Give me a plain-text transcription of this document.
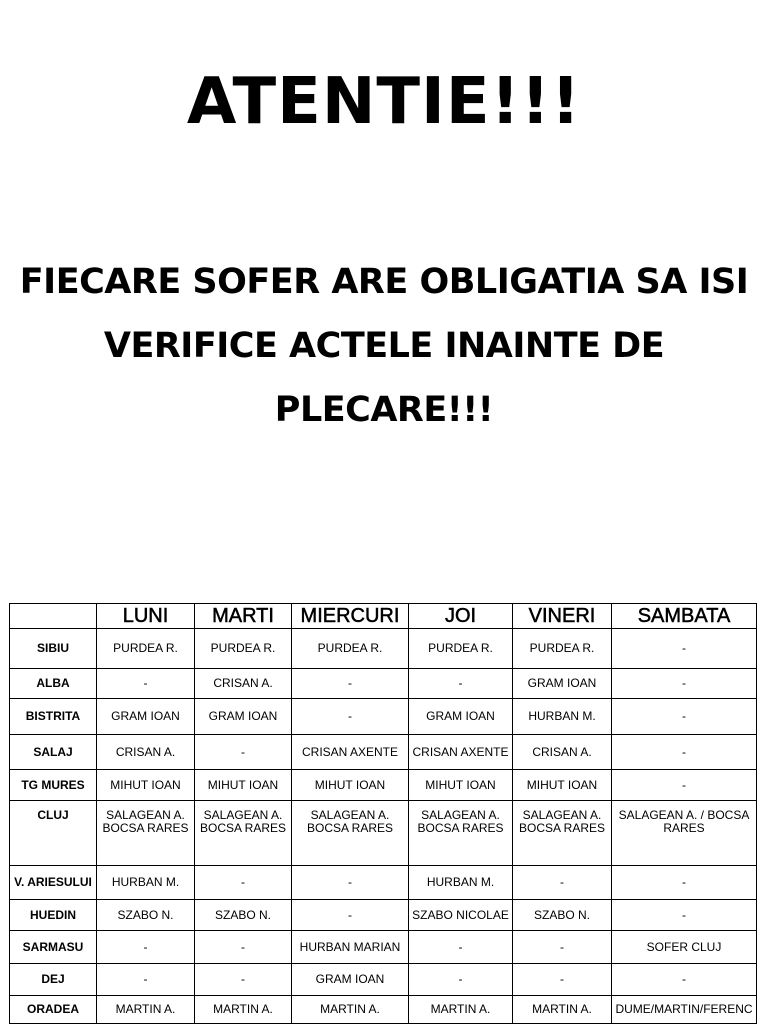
ATENTIE!!!
FIECARE SOFER ARE OBLIGATIA SA ISI
VERIFICE ACTELE INAINTE DE
PLECARE!!!
	LUNI	MARTI	MIERCURI	JOI	VINERI	SAMBATA
SIBIU	PURDEA R.	PURDEA R.	PURDEA R.	PURDEA R.	PURDEA R.	-
ALBA	-	CRISAN A.	-	-	GRAM IOAN	-
BISTRITA	GRAM IOAN	GRAM IOAN	-	GRAM IOAN	HURBAN M.	-
SALAJ	CRISAN A.	-	CRISAN AXENTE	CRISAN AXENTE	CRISAN A.	-
TG MURES	MIHUT IOAN	MIHUT IOAN	MIHUT IOAN	MIHUT IOAN	MIHUT IOAN	-
CLUJ	SALAGEAN A. BOCSA RARES	SALAGEAN A. BOCSA RARES	SALAGEAN A. BOCSA RARES	SALAGEAN A. BOCSA RARES	SALAGEAN A. BOCSA RARES	SALAGEAN A. / BOCSA RARES
V. ARIESULUI	HURBAN M.	-	-	HURBAN M.	-	-
HUEDIN	SZABO N.	SZABO N.	-	SZABO NICOLAE	SZABO N.	-
SARMASU	-	-	HURBAN MARIAN	-	-	SOFER CLUJ
DEJ	-	-	GRAM IOAN	-	-	-
ORADEA	MARTIN A.	MARTIN A.	MARTIN A.	MARTIN A.	MARTIN A.	DUME/MARTIN/FERENC
